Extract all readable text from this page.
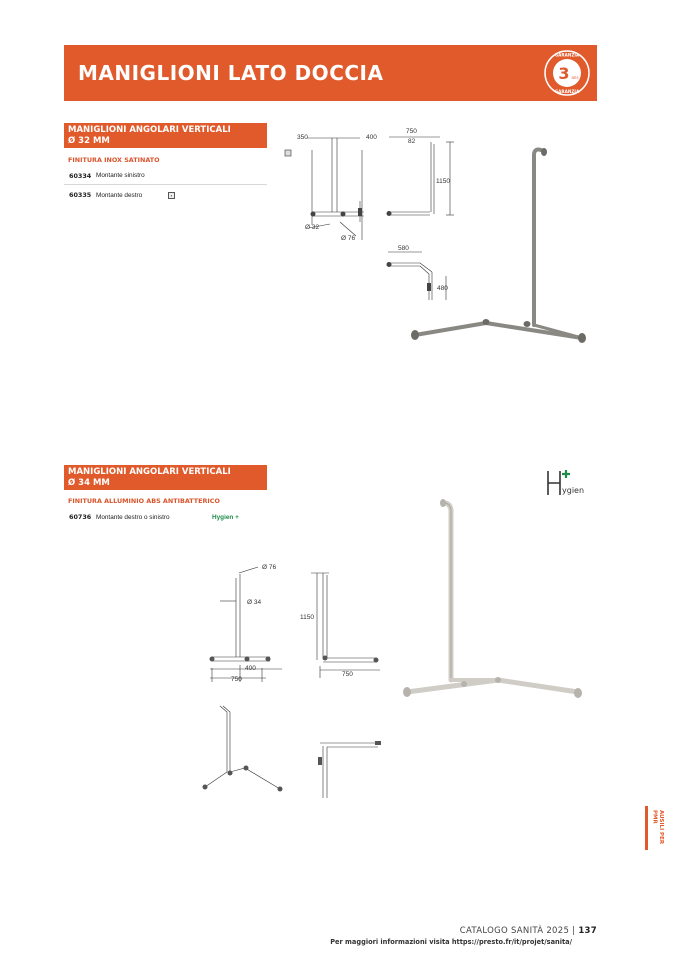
MANIGLIONI LATO DOCCIA	3 ans
GARANZIA
GARANZIA
MANIGLIONI ANGOLARI VERTICALI
Ø 32 MM
FINITURA INOX SATINATO
60334 Montante sinistro
60335 Montante destro	▪
350	400
750
82
1150
Ø 32
Ø 76
580
480
MANIGLIONI ANGOLARI VERTICALI
Ø 34 MM
FINITURA ALLUMINIO ABS ANTIBATTERICO
60736 Montante destro o sinistro	Hygien +
ygien
Ø 76
Ø 34
1150
400
750
750
AUSILI PER PMR
CATALOGO SANITÀ 2025 | 137
Per maggiori informazioni visita https://presto.fr/it/projet/sanita/
